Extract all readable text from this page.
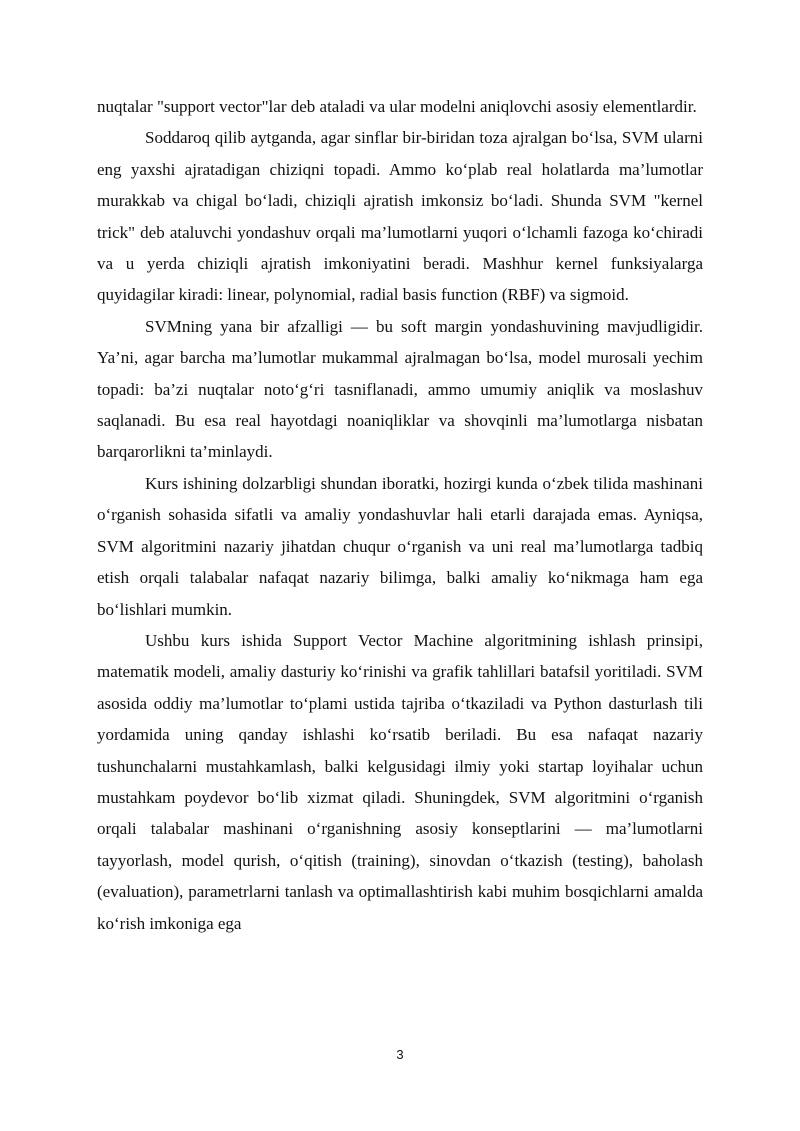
nuqtalar "support vector"lar deb ataladi va ular modelni aniqlovchi asosiy elementlardir.

Soddaroq qilib aytganda, agar sinflar bir-biridan toza ajralgan bo‘lsa, SVM ularni eng yaxshi ajratadigan chiziqni topadi. Ammo ko‘plab real holatlarda ma’lumotlar murakkab va chigal bo‘ladi, chiziqli ajratish imkonsiz bo‘ladi. Shunda SVM "kernel trick" deb ataluvchi yondashuv orqali ma’lumotlarni yuqori o‘lchamli fazoga ko‘chiradi va u yerda chiziqli ajratish imkoniyatini beradi. Mashhur kernel funksiyalarga quyidagilar kiradi: linear, polynomial, radial basis function (RBF) va sigmoid.

SVMning yana bir afzalligi — bu soft margin yondashuvining mavjudligidir. Ya’ni, agar barcha ma’lumotlar mukammal ajralmagan bo‘lsa, model murosali yechim topadi: ba’zi nuqtalar noto‘g‘ri tasniflanadi, ammo umumiy aniqlik va moslashuv saqlanadi. Bu esa real hayotdagi noaniqliklar va shovqinli ma’lumotlarga nisbatan barqarorlikni ta’minlaydi.

Kurs ishining dolzarbligi shundan iboratki, hozirgi kunda o‘zbek tilida mashinani o‘rganish sohasida sifatli va amaliy yondashuvlar hali etarli darajada emas. Ayniqsa, SVM algoritmini nazariy jihatdan chuqur o‘rganish va uni real ma’lumotlarga tadbiq etish orqali talabalar nafaqat nazariy bilimga, balki amaliy ko‘nikmaga ham ega bo‘lishlari mumkin.

Ushbu kurs ishida Support Vector Machine algoritmining ishlash prinsipi, matematik modeli, amaliy dasturiy ko‘rinishi va grafik tahlillari batafsil yoritiladi. SVM asosida oddiy ma’lumotlar to‘plami ustida tajriba o‘tkaziladi va Python dasturlash tili yordamida uning qanday ishlashi ko‘rsatib beriladi. Bu esa nafaqat nazariy tushunchalarni mustahkamlash, balki kelgusidagi ilmiy yoki startap loyihalar uchun mustahkam poydevor bo‘lib xizmat qiladi. Shuningdek, SVM algoritmini o‘rganish orqali talabalar mashinani o‘rganishning asosiy konseptlarini — ma’lumotlarni tayyorlash, model qurish, o‘qitish (training), sinovdan o‘tkazish (testing), baholash (evaluation), parametrlarni tanlash va optimallashtirish kabi muhim bosqichlarni amalda ko‘rish imkoniga ega

3
